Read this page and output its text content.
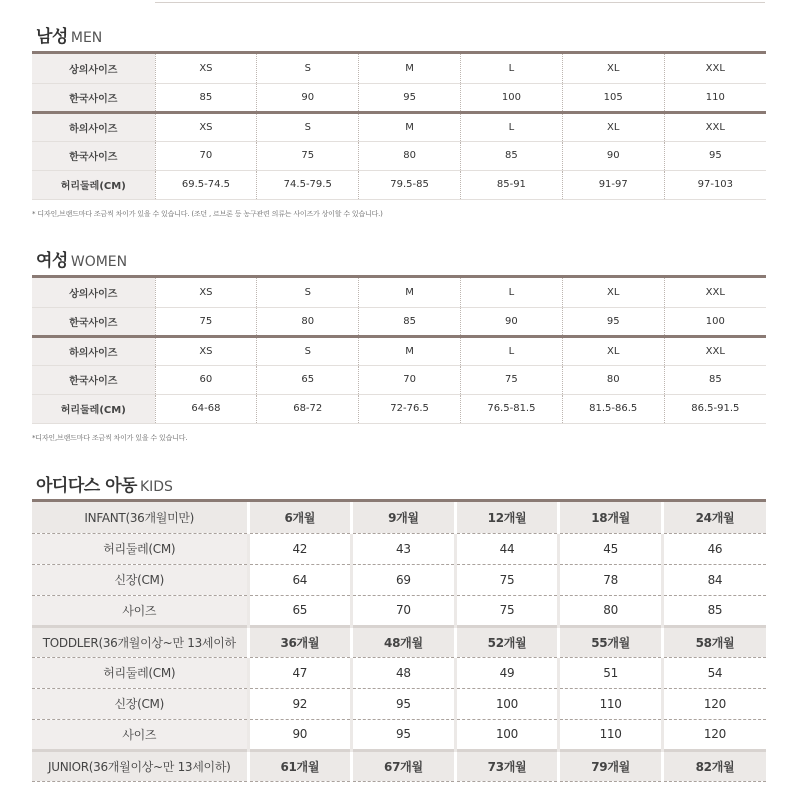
남성 MEN
상의사이즈	XS	S	M	L	XL	XXL
한국사이즈	85	90	95	100	105	110
하의사이즈	XS	S	M	L	XL	XXL
한국사이즈	70	75	80	85	90	95
허리둘레(CM)	69.5-74.5	74.5-79.5	79.5-85	85-91	91-97	97-103
* 디자인,브랜드마다 조금씩 차이가 있을 수 있습니다. (조던 , 르브론 등 농구관련 의류는 사이즈가 상이할 수 있습니다.)
여성 WOMEN
상의사이즈	XS	S	M	L	XL	XXL
한국사이즈	75	80	85	90	95	100
하의사이즈	XS	S	M	L	XL	XXL
한국사이즈	60	65	70	75	80	85
허리둘레(CM)	64-68	68-72	72-76.5	76.5-81.5	81.5-86.5	86.5-91.5
*디자인,브랜드마다 조금씩 차이가 있을 수 있습니다.
아디다스 아동 KIDS
INFANT(36개월미만)	6개월	9개월	12개월	18개월	24개월
허리둘레(CM)	42	43	44	45	46
신장(CM)	64	69	75	78	84
사이즈	65	70	75	80	85
TODDLER(36개월이상~만 13세이하	36개월	48개월	52개월	55개월	58개월
허리둘레(CM)	47	48	49	51	54
신장(CM)	92	95	100	110	120
사이즈	90	95	100	110	120
JUNIOR(36개월이상~만 13세이하)	61개월	67개월	73개월	79개월	82개월
